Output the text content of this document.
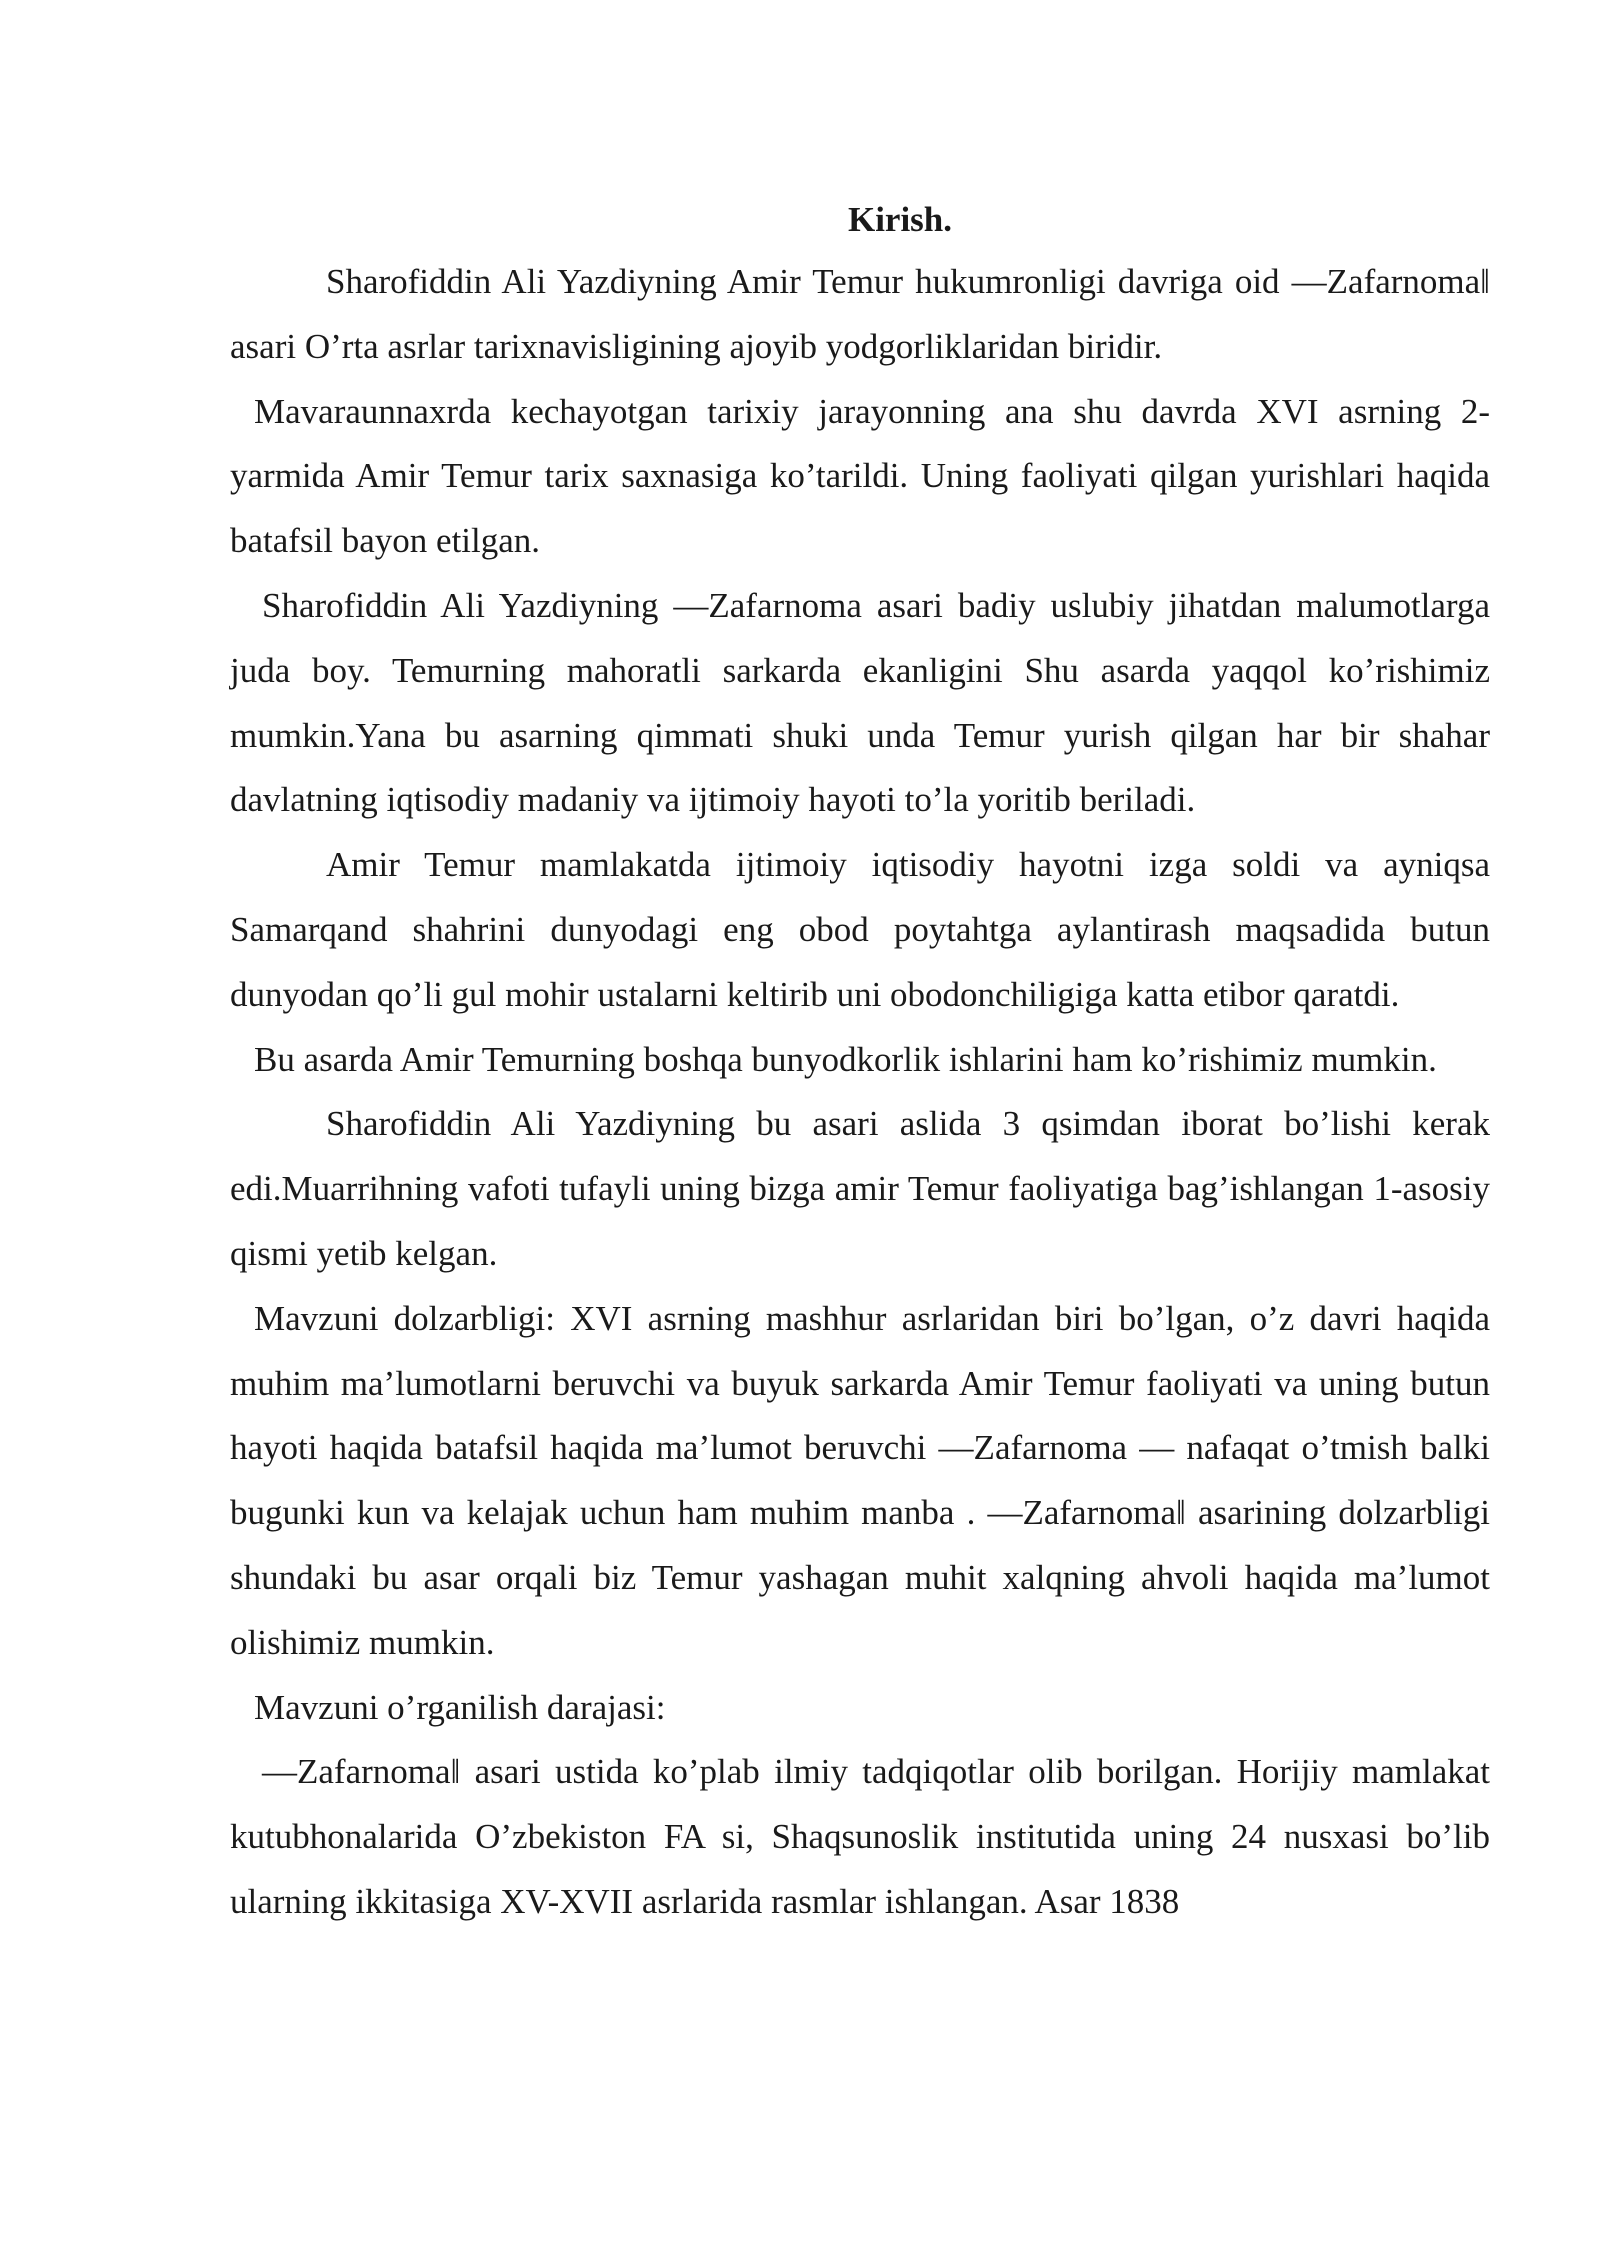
Kirish.

Sharofiddin Ali Yazdiyning Amir Temur hukumronligi davriga oid ―Zafarnoma‖ asari O’rta asrlar tarixnavisligining ajoyib yodgorliklaridan biridir.

Mavaraunnaxrda kechayotgan tarixiy jarayonning ana shu davrda XVI asrning 2-yarmida Amir Temur tarix saxnasiga ko’tarildi. Uning faoliyati qilgan yurishlari haqida batafsil bayon etilgan.

Sharofiddin Ali Yazdiyning ―Zafarnoma asari badiy uslubiy jihatdan malumotlarga juda boy. Temurning mahoratli sarkarda ekanligini Shu asarda yaqqol ko’rishimiz mumkin.Yana bu asarning qimmati shuki unda Temur yurish qilgan har bir shahar davlatning iqtisodiy madaniy va ijtimoiy hayoti to’la yoritib beriladi.

Amir Temur mamlakatda ijtimoiy iqtisodiy hayotni izga soldi va ayniqsa Samarqand shahrini dunyodagi eng obod poytahtga aylantirash maqsadida butun dunyodan qo’li gul mohir ustalarni keltirib uni obodonchiligiga katta etibor qaratdi.

Bu asarda Amir Temurning boshqa bunyodkorlik ishlarini ham ko’rishimiz mumkin.

Sharofiddin Ali Yazdiyning bu asari aslida 3 qsimdan iborat bo’lishi kerak edi.Muarrihning vafoti tufayli uning bizga amir Temur faoliyatiga bag’ishlangan 1-asosiy qismi yetib kelgan.

Mavzuni dolzarbligi: XVI asrning mashhur asrlaridan biri bo’lgan, o’z davri haqida muhim ma’lumotlarni beruvchi va buyuk sarkarda Amir Temur faoliyati va uning butun hayoti haqida batafsil haqida ma’lumot beruvchi ―Zafarnoma ― nafaqat o’tmish balki bugunki kun va kelajak uchun ham muhim manba . ―Zafarnoma‖ asarining dolzarbligi shundaki bu asar orqali biz Temur yashagan muhit xalqning ahvoli haqida ma’lumot olishimiz mumkin.

Mavzuni o’rganilish darajasi:

―Zafarnoma‖ asari ustida ko’plab ilmiy tadqiqotlar olib borilgan. Horijiy mamlakat kutubhonalarida O’zbekiston FA si, Shaqsunoslik institutida uning 24 nusxasi bo’lib ularning ikkitasiga XV-XVII asrlarida rasmlar ishlangan. Asar 1838
